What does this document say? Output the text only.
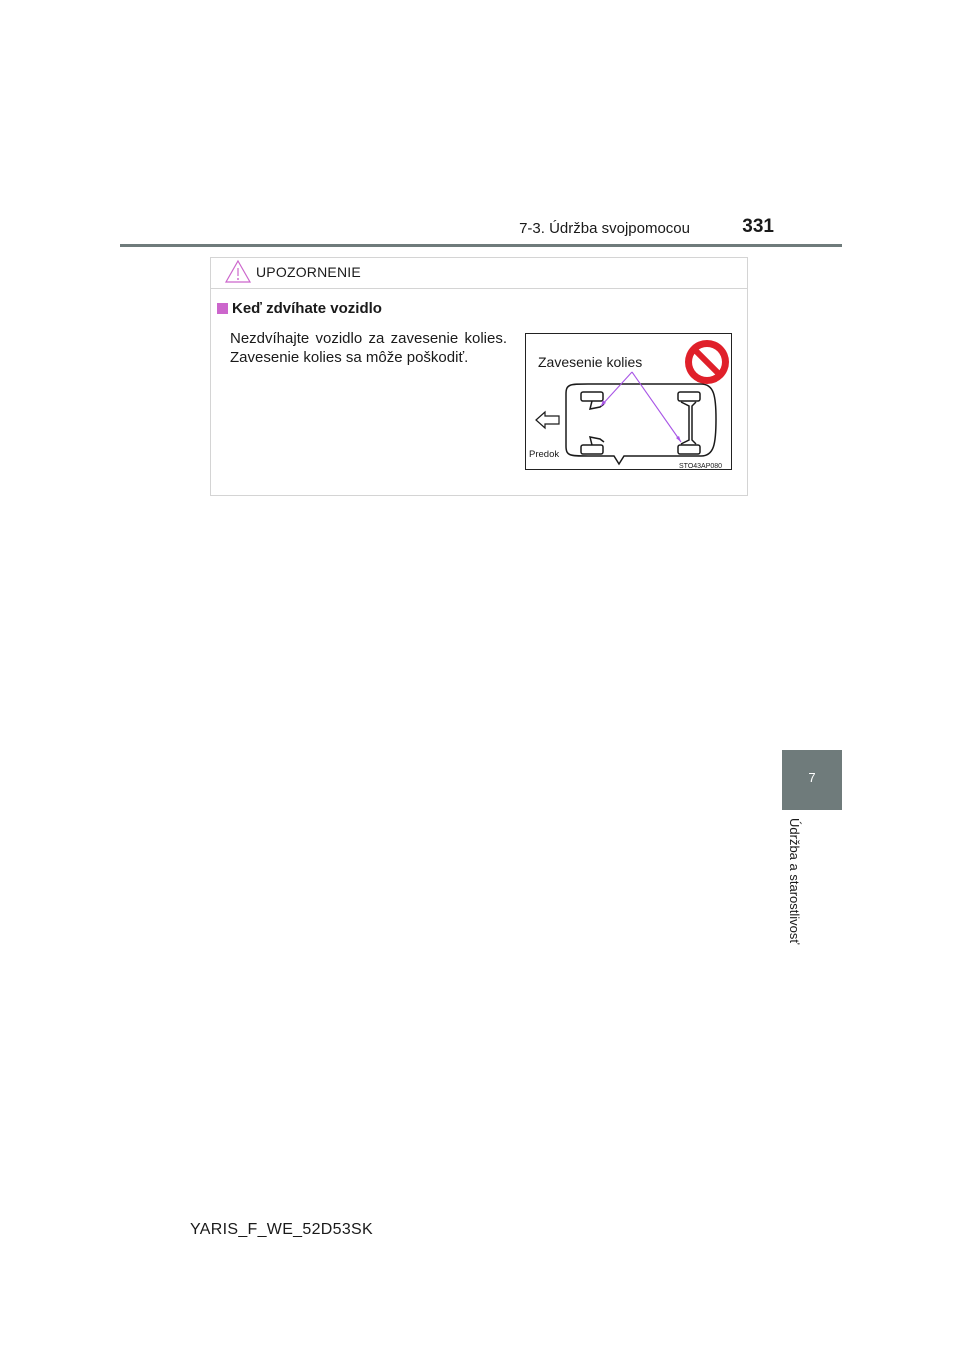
7-3. Údržba svojpomocou	331
UPOZORNENIE
Keď zdvíhate vozidlo

Nezdvíhajte vozidlo za zavesenie kolies.

Zavesenie kolies sa môže poškodiť.	Zavesenie kolies
Predok
STO43AP080
7
Údržba a starostlivosť
YARIS_F_WE_52D53SK
